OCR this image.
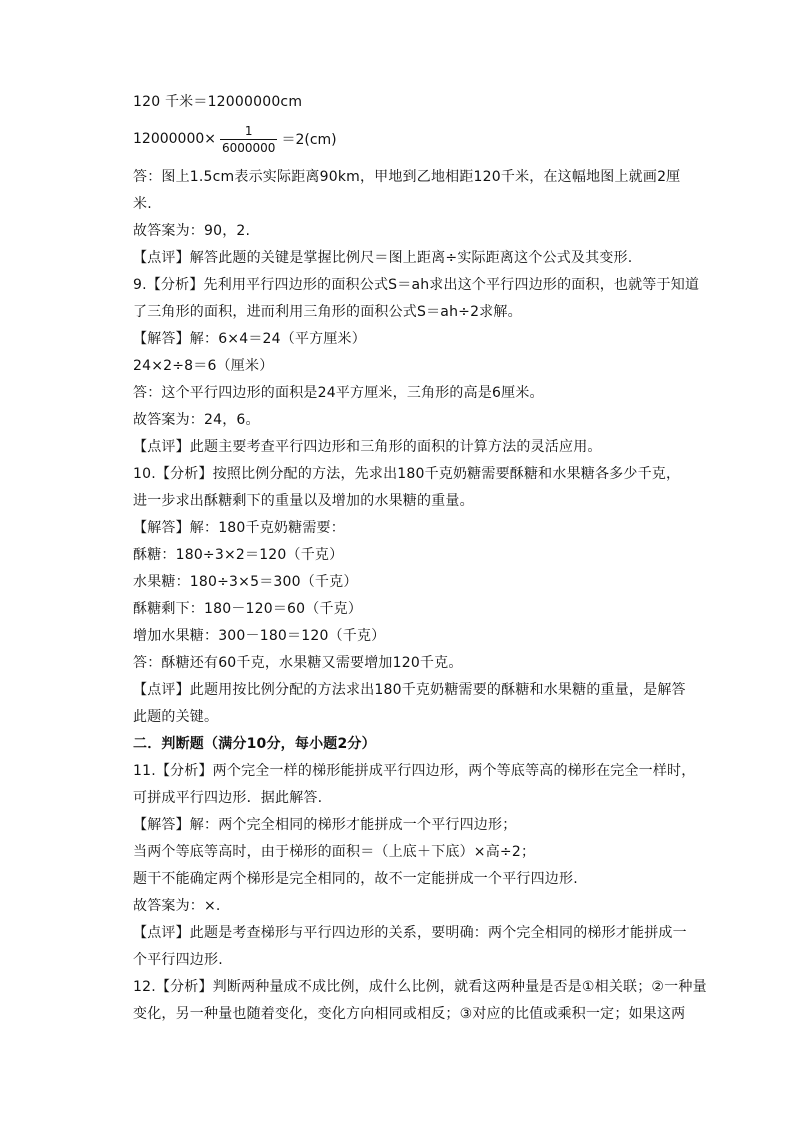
120 千米＝12000000cm
$12000000\times \frac{1}{6000000} =2(cm)$
答：图上1.5cm表示实际距离90km，甲地到乙地相距120千米，在这幅地图上就画2厘
米.
故答案为：90，2.
【点评】解答此题的关键是掌握比例尺＝图上距离÷实际距离这个公式及其变形.
9.【分析】先利用平行四边形的面积公式S＝ah求出这个平行四边形的面积，也就等于知道
了三角形的面积，进而利用三角形的面积公式S＝ah÷2求解。
【解答】解：6×4＝24（平方厘米）
24×2÷8＝6（厘米）
答：这个平行四边形的面积是24平方厘米，三角形的高是6厘米。
故答案为：24，6。
【点评】此题主要考查平行四边形和三角形的面积的计算方法的灵活应用。
10.【分析】按照比例分配的方法，先求出180千克奶糖需要酥糖和水果糖各多少千克，
进一步求出酥糖剩下的重量以及增加的水果糖的重量。
【解答】解：180千克奶糖需要：
酥糖：180÷3×2＝120（千克）
水果糖：180÷3×5＝300（千克）
酥糖剩下：180－120＝60（千克）
增加水果糖：300－180＝120（千克）
答：酥糖还有60千克，水果糖又需要增加120千克。
【点评】此题用按比例分配的方法求出180千克奶糖需要的酥糖和水果糖的重量，是解答
此题的关键。
二．判断题（满分10分，每小题2分）
11.【分析】两个完全一样的梯形能拼成平行四边形，两个等底等高的梯形在完全一样时，
可拼成平行四边形．据此解答.
【解答】解：两个完全相同的梯形才能拼成一个平行四边形；
当两个等底等高时，由于梯形的面积＝（上底＋下底）×高÷2；
题干不能确定两个梯形是完全相同的，故不一定能拼成一个平行四边形.
故答案为：×.
【点评】此题是考查梯形与平行四边形的关系，要明确：两个完全相同的梯形才能拼成一
个平行四边形.
12.【分析】判断两种量成不成比例，成什么比例，就看这两种量是否是①相关联；②一种量
变化，另一种量也随着变化，变化方向相同或相反；③对应的比值或乘积一定；如果这两
